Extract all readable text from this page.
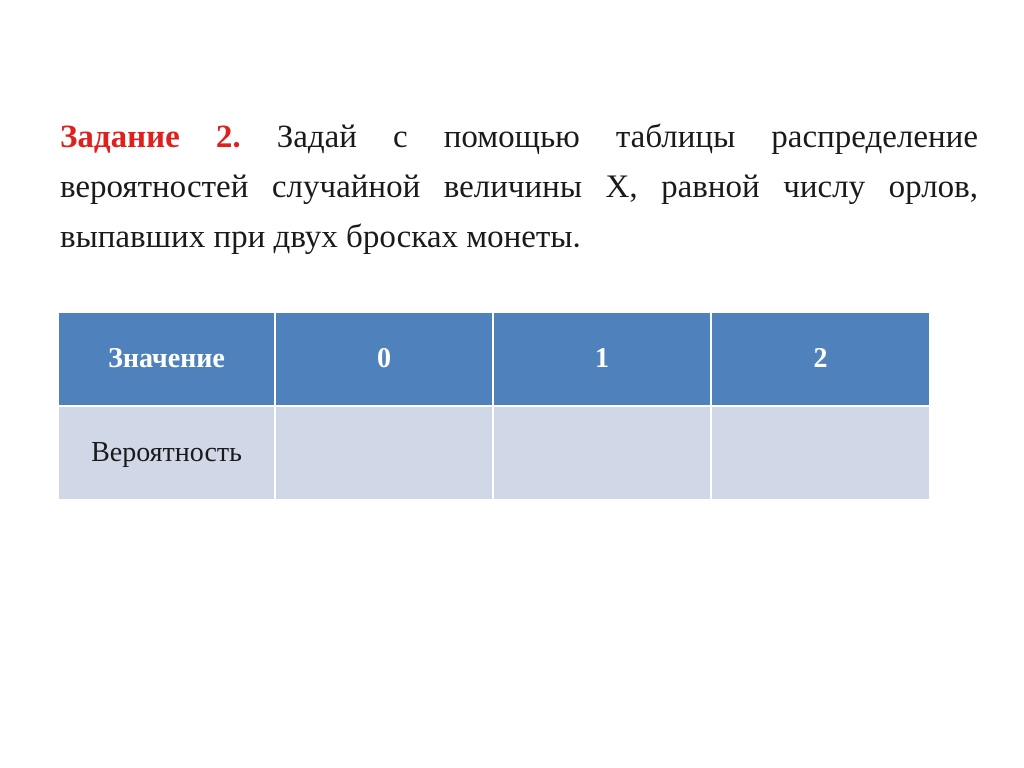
Задание 2. Задай с помощью таблицы распределение вероятностей случайной величины X, равной числу орлов, выпавших при двух бросках монеты.

Значение	0	1	2
Вероятность			
